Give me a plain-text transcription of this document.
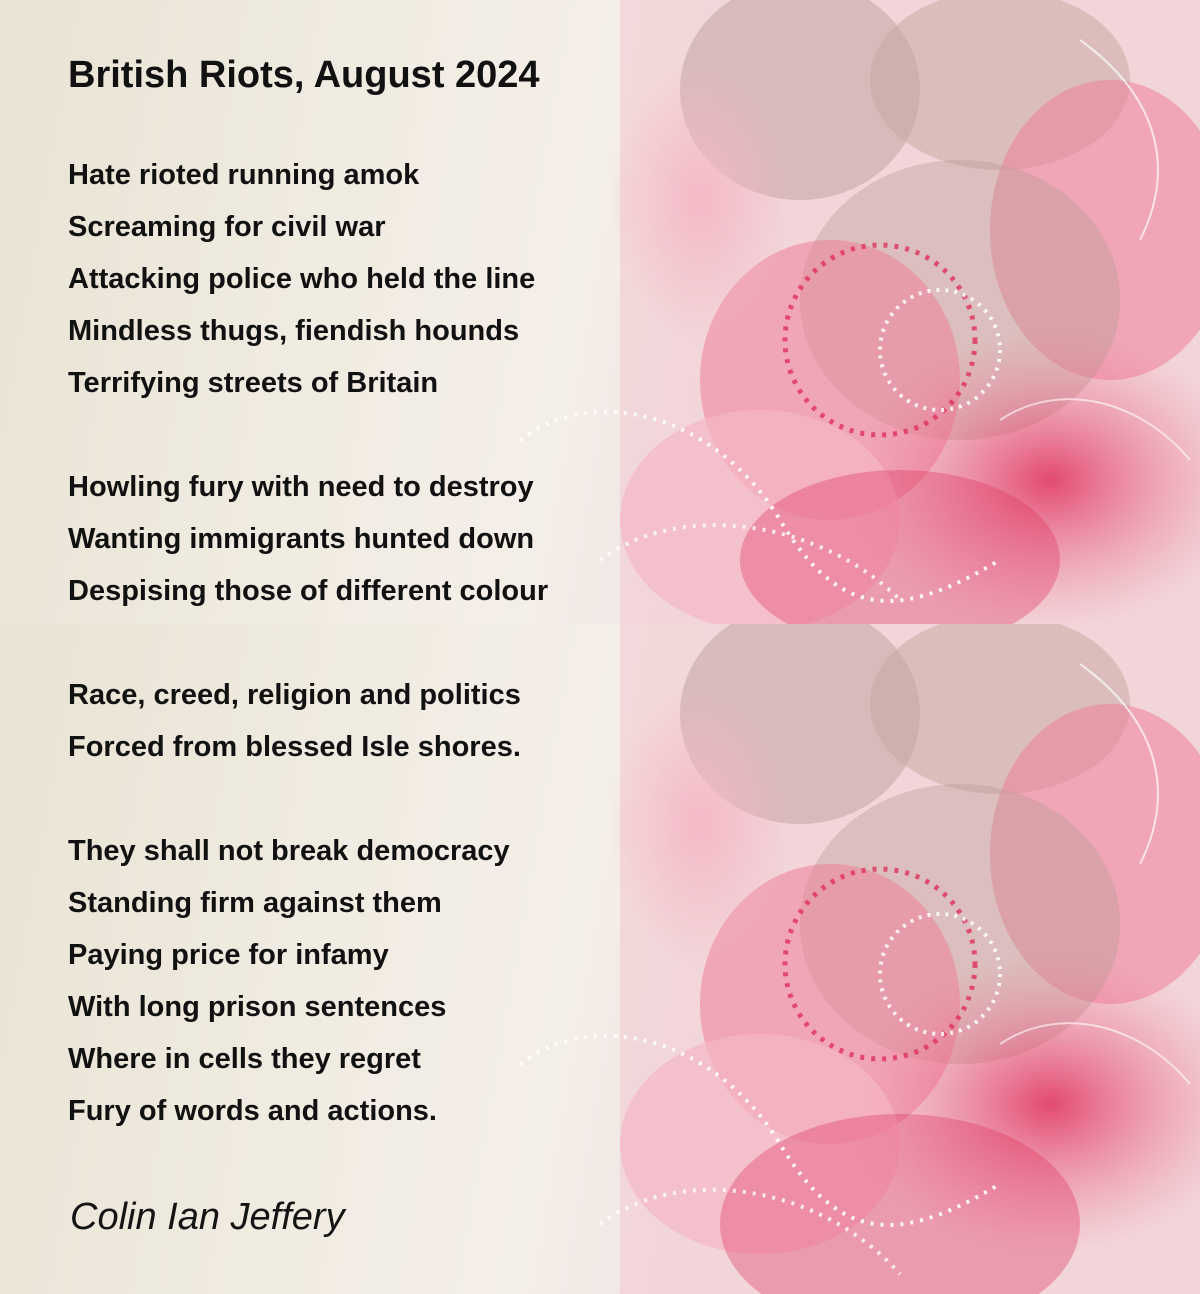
British Riots, August 2024
Hate rioted running amok
Screaming for civil war
Attacking police who held the line
Mindless thugs, fiendish hounds
Terrifying streets of Britain
Howling fury with need to destroy
Wanting immigrants hunted down
Despising those of different colour
Race, creed, religion and politics
Forced from blessed Isle shores.
They shall not break democracy
Standing firm against them
Paying price for infamy
With long prison sentences
Where in cells they regret
Fury of words and actions.
Colin Ian Jeffery
